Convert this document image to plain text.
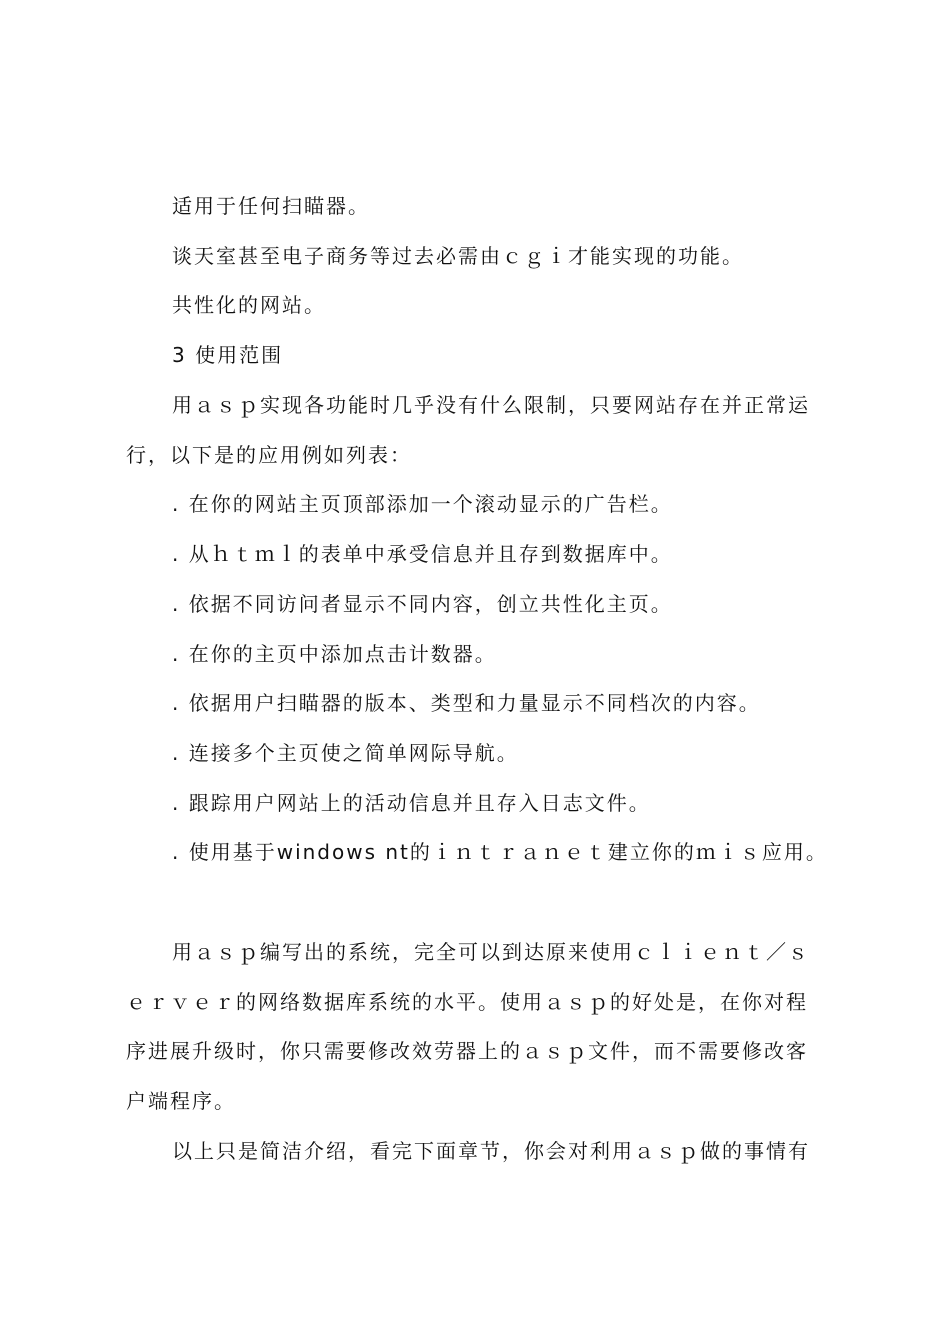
适用于任何扫瞄器。
谈天室甚至电子商务等过去必需由ｃｇｉ才能实现的功能。
共性化的网站。
3 使用范围
用ａｓｐ实现各功能时几乎没有什么限制，只要网站存在并正常运
行，以下是的应用例如列表：
. 在你的网站主页顶部添加一个滚动显示的广告栏。
. 从ｈｔｍｌ的表单中承受信息并且存到数据库中。
. 依据不同访问者显示不同内容，创立共性化主页。
. 在你的主页中添加点击计数器。
. 依据用户扫瞄器的版本、类型和力量显示不同档次的内容。
. 连接多个主页使之简单网际导航。
. 跟踪用户网站上的活动信息并且存入日志文件。
. 使用基于windows nt的ｉｎｔｒａｎｅｔ建立你的ｍｉｓ应用。
用ａｓｐ编写出的系统，完全可以到达原来使用ｃｌｉｅｎｔ／ｓ
ｅｒｖｅｒ的网络数据库系统的水平。使用ａｓｐ的好处是，在你对程
序进展升级时，你只需要修改效劳器上的ａｓｐ文件，而不需要修改客
户端程序。
以上只是简洁介绍，看完下面章节，你会对利用ａｓｐ做的事情有
